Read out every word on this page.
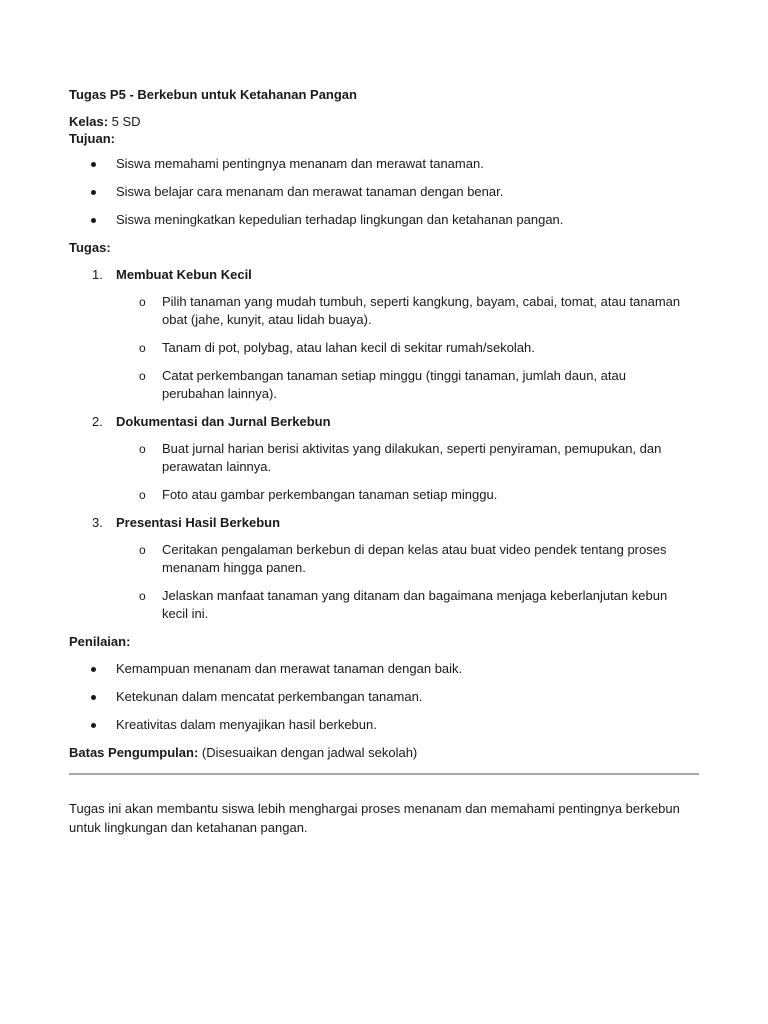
Tugas P5 - Berkebun untuk Ketahanan Pangan

Kelas: 5 SD

Tujuan:

Siswa memahami pentingnya menanam dan merawat tanaman.
Siswa belajar cara menanam dan merawat tanaman dengan benar.
Siswa meningkatkan kepedulian terhadap lingkungan dan ketahanan pangan.

Tugas:

1. Membuat Kebun Kecil
o Pilih tanaman yang mudah tumbuh, seperti kangkung, bayam, cabai, tomat, atau tanaman obat (jahe, kunyit, atau lidah buaya).
o Tanam di pot, polybag, atau lahan kecil di sekitar rumah/sekolah.
o Catat perkembangan tanaman setiap minggu (tinggi tanaman, jumlah daun, atau perubahan lainnya).
2. Dokumentasi dan Jurnal Berkebun
o Buat jurnal harian berisi aktivitas yang dilakukan, seperti penyiraman, pemupukan, dan perawatan lainnya.
o Foto atau gambar perkembangan tanaman setiap minggu.
3. Presentasi Hasil Berkebun
o Ceritakan pengalaman berkebun di depan kelas atau buat video pendek tentang proses menanam hingga panen.
o Jelaskan manfaat tanaman yang ditanam dan bagaimana menjaga keberlanjutan kebun kecil ini.

Penilaian:

Kemampuan menanam dan merawat tanaman dengan baik.
Ketekunan dalam mencatat perkembangan tanaman.
Kreativitas dalam menyajikan hasil berkebun.

Batas Pengumpulan: (Disesuaikan dengan jadwal sekolah)

Tugas ini akan membantu siswa lebih menghargai proses menanam dan memahami pentingnya berkebun untuk lingkungan dan ketahanan pangan.
